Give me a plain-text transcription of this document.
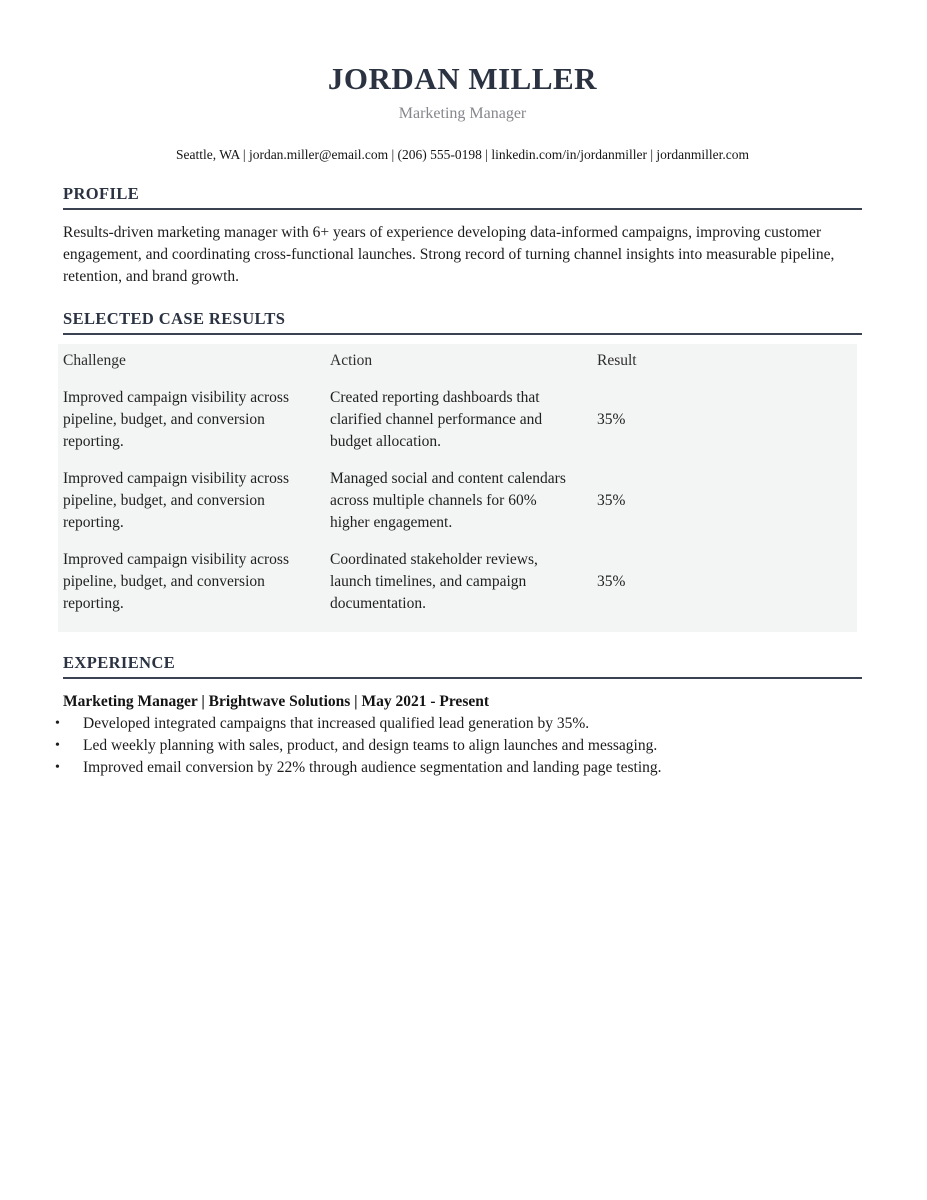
JORDAN MILLER
Marketing Manager
Seattle, WA | jordan.miller@email.com | (206) 555-0198 | linkedin.com/in/jordanmiller | jordanmiller.com
PROFILE
Results-driven marketing manager with 6+ years of experience developing data-informed campaigns, improving customer engagement, and coordinating cross-functional launches. Strong record of turning channel insights into measurable pipeline, retention, and brand growth.
SELECTED CASE RESULTS
Challenge	Action	Result
Improved campaign visibility across pipeline, budget, and conversion reporting.
Created reporting dashboards that clarified channel performance and budget allocation.
35%
Improved campaign visibility across pipeline, budget, and conversion reporting.
Managed social and content calendars across multiple channels for 60% higher engagement.
35%
Improved campaign visibility across pipeline, budget, and conversion reporting.
Coordinated stakeholder reviews, launch timelines, and campaign documentation.
35%
EXPERIENCE
Marketing Manager | Brightwave Solutions | May 2021 - Present
• Developed integrated campaigns that increased qualified lead generation by 35%.
• Led weekly planning with sales, product, and design teams to align launches and messaging.
• Improved email conversion by 22% through audience segmentation and landing page testing.
